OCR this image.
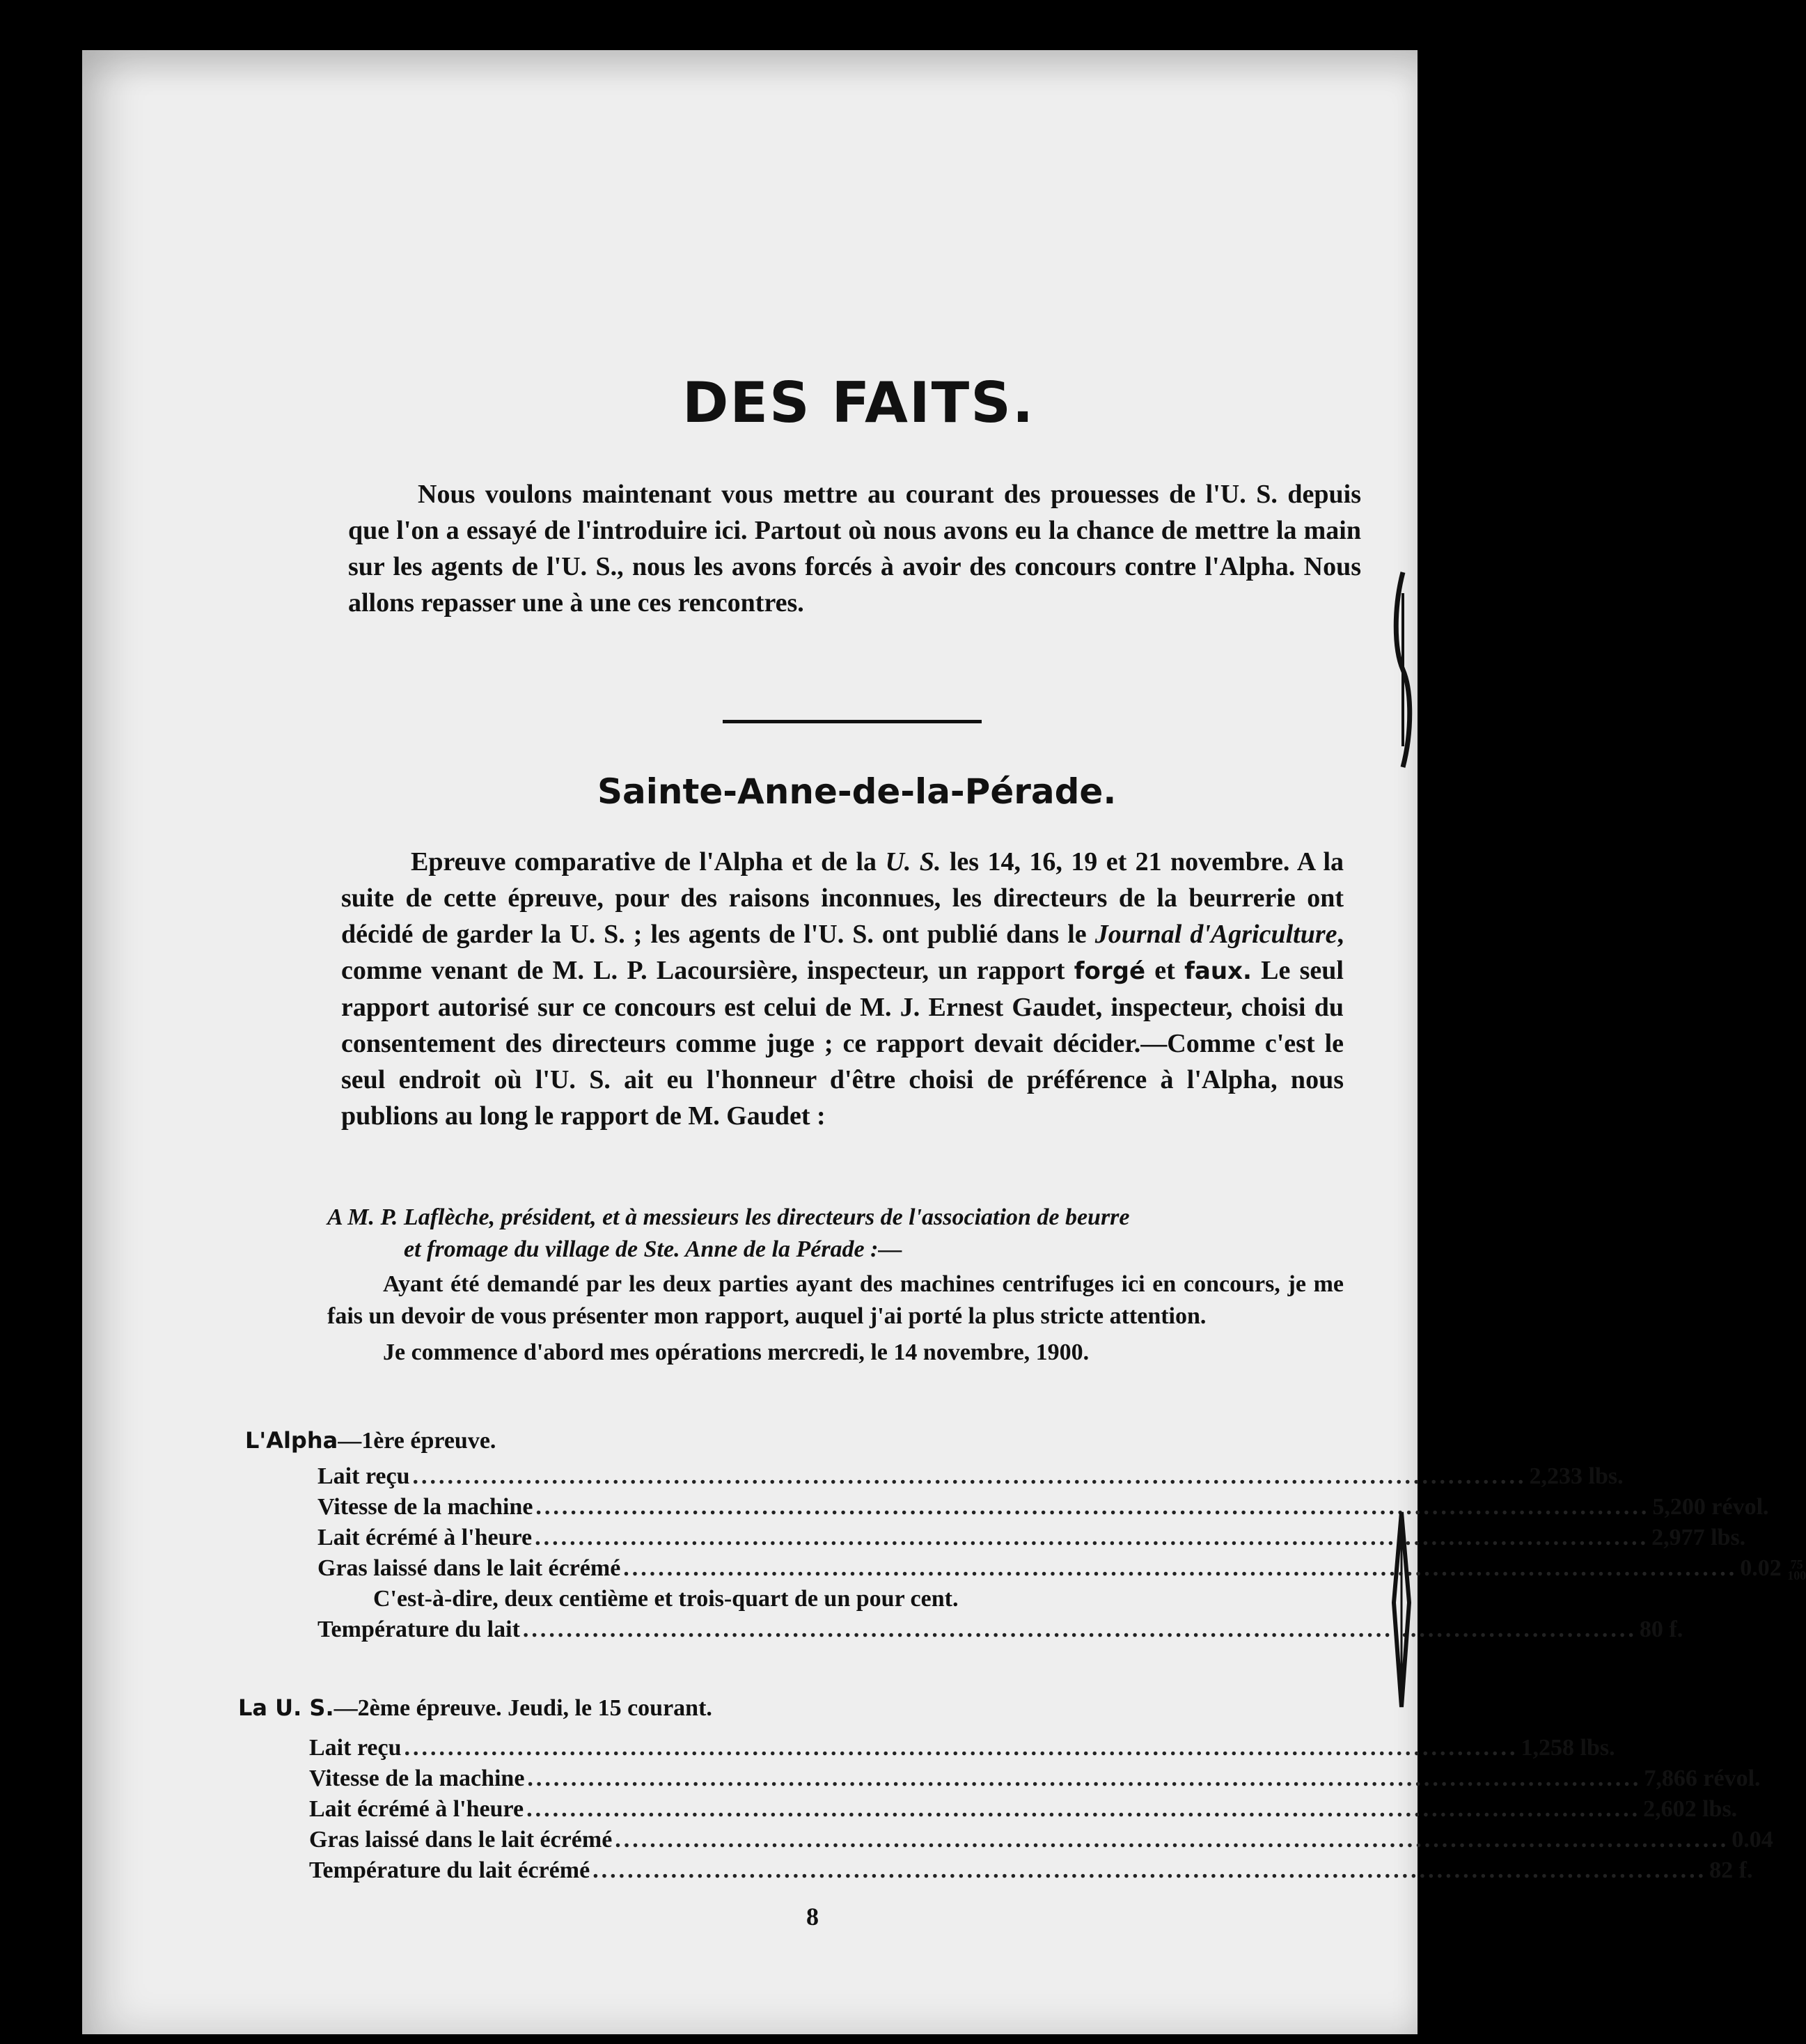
DES FAITS.
Nous voulons maintenant vous mettre au courant des prouesses de l'U. S. depuis que l'on a essayé de l'introduire ici. Partout où nous avons eu la chance de mettre la main sur les agents de l'U. S., nous les avons forcés à avoir des concours contre l'Alpha. Nous allons repasser une à une ces rencontres.
Sainte-Anne-de-la-Pérade.
Epreuve comparative de l'Alpha et de la U. S. les 14, 16, 19 et 21 novembre. A la suite de cette épreuve, pour des raisons inconnues, les directeurs de la beurrerie ont décidé de garder la U. S. ; les agents de l'U. S. ont publié dans le Journal d'Agriculture, comme venant de M. L. P. Lacoursière, inspecteur, un rapport forgé et faux. Le seul rapport autorisé sur ce concours est celui de M. J. Ernest Gaudet, inspecteur, choisi du consentement des directeurs comme juge ; ce rapport devait décider.—Comme c'est le seul endroit où l'U. S. ait eu l'honneur d'être choisi de préférence à l'Alpha, nous publions au long le rapport de M. Gaudet :
A M. P. Laflèche, président, et à messieurs les directeurs de l'association de beurre
et fromage du village de Ste. Anne de la Pérade :—

Ayant été demandé par les deux parties ayant des machines centrifuges ici en concours, je me fais un devoir de vous présenter mon rapport, auquel j'ai porté la plus stricte attention.

Je commence d'abord mes opérations mercredi, le 14 novembre, 1900.

L'Alpha—1ère épreuve.
Lait reçu ................................................................................................................................ 2,233 lbs.
Vitesse de la machine ................................................................................................................................ 5,200 révol.
Lait écrémé à l'heure ................................................................................................................................ 2,977 lbs.
Gras laissé dans le lait écrémé ................................................................................................................................ 0.02 75
100
C'est-à-dire, deux centième et trois-quart de un pour cent.
Température du lait ................................................................................................................................ 80 f.
La U. S.—2ème épreuve. Jeudi, le 15 courant.
Lait reçu ................................................................................................................................ 1,258 lbs.
Vitesse de la machine ................................................................................................................................ 7,866 révol.
Lait écrémé à l'heure ................................................................................................................................ 2,602 lbs.
Gras laissé dans le lait écrémé ................................................................................................................................ 0.04
Température du lait écrémé ................................................................................................................................ 82 f.
8
